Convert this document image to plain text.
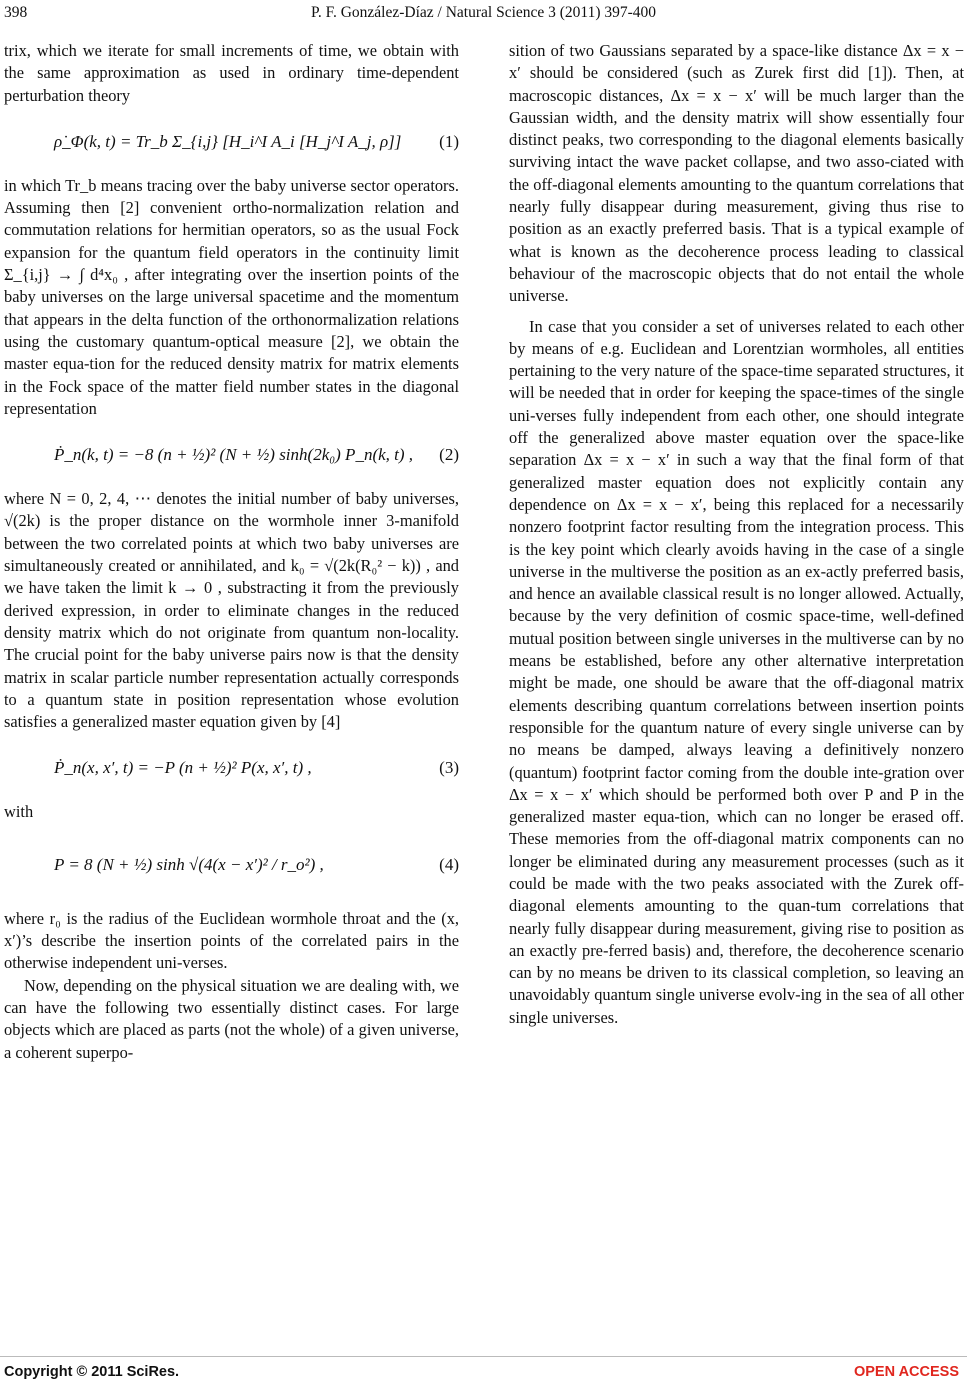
398	P. F. González-Díaz / Natural Science 3 (2011) 397-400

trix, which we iterate for small increments of time, we obtain with the same approximation as used in ordinary time-dependent perturbation theory

ρ̇_Φ(k, t) = Tr_b Σ_{i,j} [H_i^I A_i [H_j^I A_j, ρ]] (1)

in which Tr_b means tracing over the baby universe sector operators. Assuming then [2] convenient ortho-normalization relation and commutation relations for hermitian operators, so as the usual Fock expansion for the quantum field operators in the continuity limit Σ_{i,j} → ∫ d⁴x₀ , after integrating over the insertion points of the baby universes on the large universal spacetime and the momentum that appears in the delta function of the orthonormalization relations using the customary quantum-optical measure [2], we obtain the master equa-tion for the reduced density matrix for matrix elements in the Fock space of the matter field number states in the diagonal representation

Ṗ_n(k, t) = −8 (n + ½)² (N + ½) sinh(2k₀) P_n(k, t) , (2)

where N = 0, 2, 4, ⋯ denotes the initial number of baby universes, √(2k) is the proper distance on the wormhole inner 3-manifold between the two correlated points at which two baby universes are simultaneously created or annihilated, and k₀ = √(2k(R₀² − k)) , and we have taken the limit k → 0 , substracting it from the previously derived expression, in order to eliminate changes in the reduced density matrix which do not originate from quantum non-locality. The crucial point for the baby universe pairs now is that the density matrix in scalar particle number representation actually corresponds to a quantum state in position representation whose evolution satisfies a generalized master equation given by [4]

Ṗ_n(x, x′, t) = −P (n + ½)² P(x, x′, t) ,	(3)

with

P = 8 (N + ½) sinh √(4(x − x′)² / r_o²) ,	(4)

where r₀ is the radius of the Euclidean wormhole throat and the (x, x′)’s describe the insertion points of the correlated pairs in the otherwise independent uni-verses.

Now, depending on the physical situation we are dealing with, we can have the following two essentially distinct cases. For large objects which are placed as parts (not the whole) of a given universe, a coherent superpo-

sition of two Gaussians separated by a space-like distance Δx = x − x′ should be considered (such as Zurek first did [1]). Then, at macroscopic distances, Δx = x − x′ will be much larger than the Gaussian width, and the density matrix will show essentially four distinct peaks, two corresponding to the diagonal elements basically surviving intact the wave packet collapse, and two asso-ciated with the off-diagonal elements amounting to the quantum correlations that nearly fully disappear during measurement, giving thus rise to position as an exactly preferred basis. That is a typical example of what is known as the decoherence process leading to classical behaviour of the macroscopic objects that do not entail the whole universe.

In case that you consider a set of universes related to each other by means of e.g. Euclidean and Lorentzian wormholes, all entities pertaining to the very nature of the space-time separated structures, it will be needed that in order for keeping the space-times of the single uni-verses fully independent from each other, one should integrate off the generalized above master equation over the space-like separation Δx = x − x′ in such a way that the final form of that generalized master equation does not explicitly contain any dependence on Δx = x − x′, being this replaced for a necessarily nonzero footprint factor resulting from the integration process. This is the key point which clearly avoids having in the case of a single universe in the multiverse the position as an ex-actly preferred basis, and hence an available classical result is no longer allowed. Actually, because by the very definition of cosmic space-time, well-defined mutual position between single universes in the multiverse can by no means be established, before any other alternative interpretation might be made, one should be aware that the off-diagonal matrix elements describing quantum correlations between insertion points responsible for the quantum nature of every single universe can by no means be damped, always leaving a definitively nonzero (quantum) footprint factor coming from the double inte-gration over Δx = x − x′ which should be performed both over P and P in the generalized master equa-tion, which can no longer be erased off. These memories from the off-diagonal matrix components can no longer be eliminated during any measurement processes (such as it could be made with the two peaks associated with the Zurek off-diagonal elements amounting to the quan-tum correlations that nearly fully disappear during measurement, giving rise to position as an exactly pre-ferred basis) and, therefore, the decoherence scenario can by no means be driven to its classical completion, so leaving an unavoidably quantum single universe evolv-ing in the sea of all other single universes.

Copyright © 2011 SciRes.	OPEN ACCESS
